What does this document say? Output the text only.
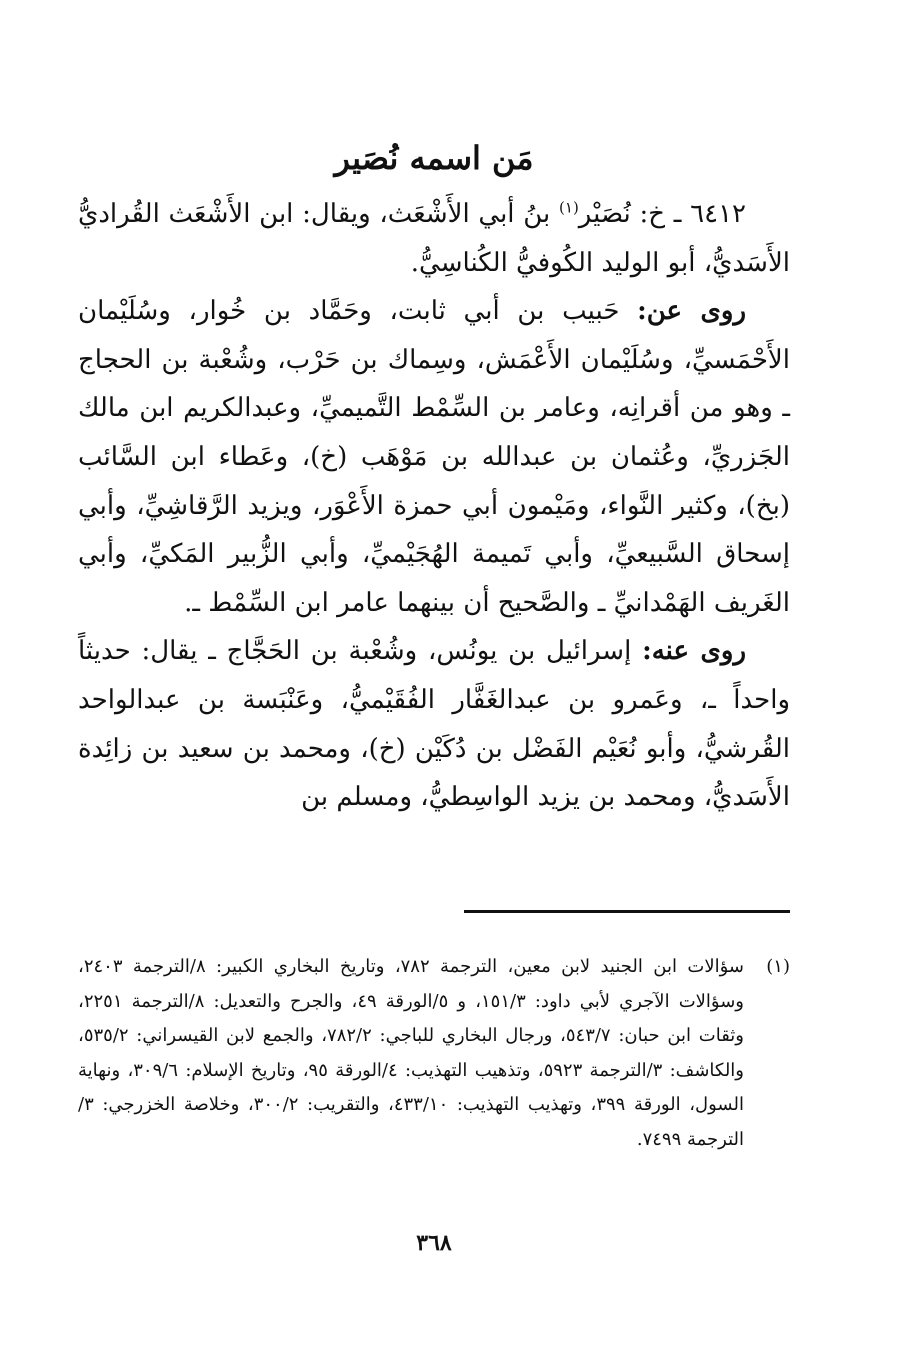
مَن اسمه نُصَير

٦٤١٢ ـ خ: نُصَيْر$^{(١)}$ بنُ أبي الأَشْعَث، ويقال: ابن الأَشْعَث القُراديُّ الأَسَديُّ، أبو الوليد الكُوفيُّ الكُناسِيُّ.

روى عن: حَبيب بن أبي ثابت، وحَمَّاد بن خُوار، وسُلَيْمان الأَحْمَسيِّ، وسُلَيْمان الأَعْمَش، وسِماك بن حَرْب، وشُعْبة بن الحجاج ـ وهو من أقرانِه، وعامر بن السِّمْط التَّميميِّ، وعبدالكريم ابن مالك الجَزريِّ، وعُثمان بن عبدالله بن مَوْهَب (خ)، وعَطاء ابن السَّائب (بخ)، وكثير النَّواء، ومَيْمون أبي حمزة الأَعْوَر، ويزيد الرَّقاشِيِّ، وأبي إسحاق السَّبيعيِّ، وأبي تَميمة الهُجَيْميِّ، وأبي الزُّبير المَكيِّ، وأبي الغَريف الهَمْدانيِّ ـ والصَّحيح أن بينهما عامر ابن السِّمْط ـ.

روى عنه: إسرائيل بن يونُس، وشُعْبة بن الحَجَّاج ـ يقال: حديثاً واحداً ـ، وعَمرو بن عبدالغَفَّار الفُقَيْميُّ، وعَنْبَسة بن عبدالواحد القُرشيُّ، وأبو نُعَيْم الفَضْل بن دُكَيْن (خ)، ومحمد بن سعيد بن زائِدة الأَسَديُّ، ومحمد بن يزيد الواسِطيُّ، ومسلم بن

(١)
سؤالات ابن الجنيد لابن معين، الترجمة ٧٨٢، وتاريخ البخاري الكبير: ٨/الترجمة ٢٤٠٣، وسؤالات الآجري لأبي داود: ١٥١/٣، و ٥/الورقة ٤٩، والجرح والتعديل: ٨/الترجمة ٢٢٥١، وثقات ابن حبان: ٥٤٣/٧، ورجال البخاري للباجي: ٧٨٢/٢، والجمع لابن القيسراني: ٥٣٥/٢، والكاشف: ٣/الترجمة ٥٩٢٣، وتذهيب التهذيب: ٤/الورقة ٩٥، وتاريخ الإسلام: ٣٠٩/٦، ونهاية السول، الورقة ٣٩٩، وتهذيب التهذيب: ٤٣٣/١٠، والتقريب: ٣٠٠/٢، وخلاصة الخزرجي: ٣/الترجمة ٧٤٩٩.
٣٦٨
